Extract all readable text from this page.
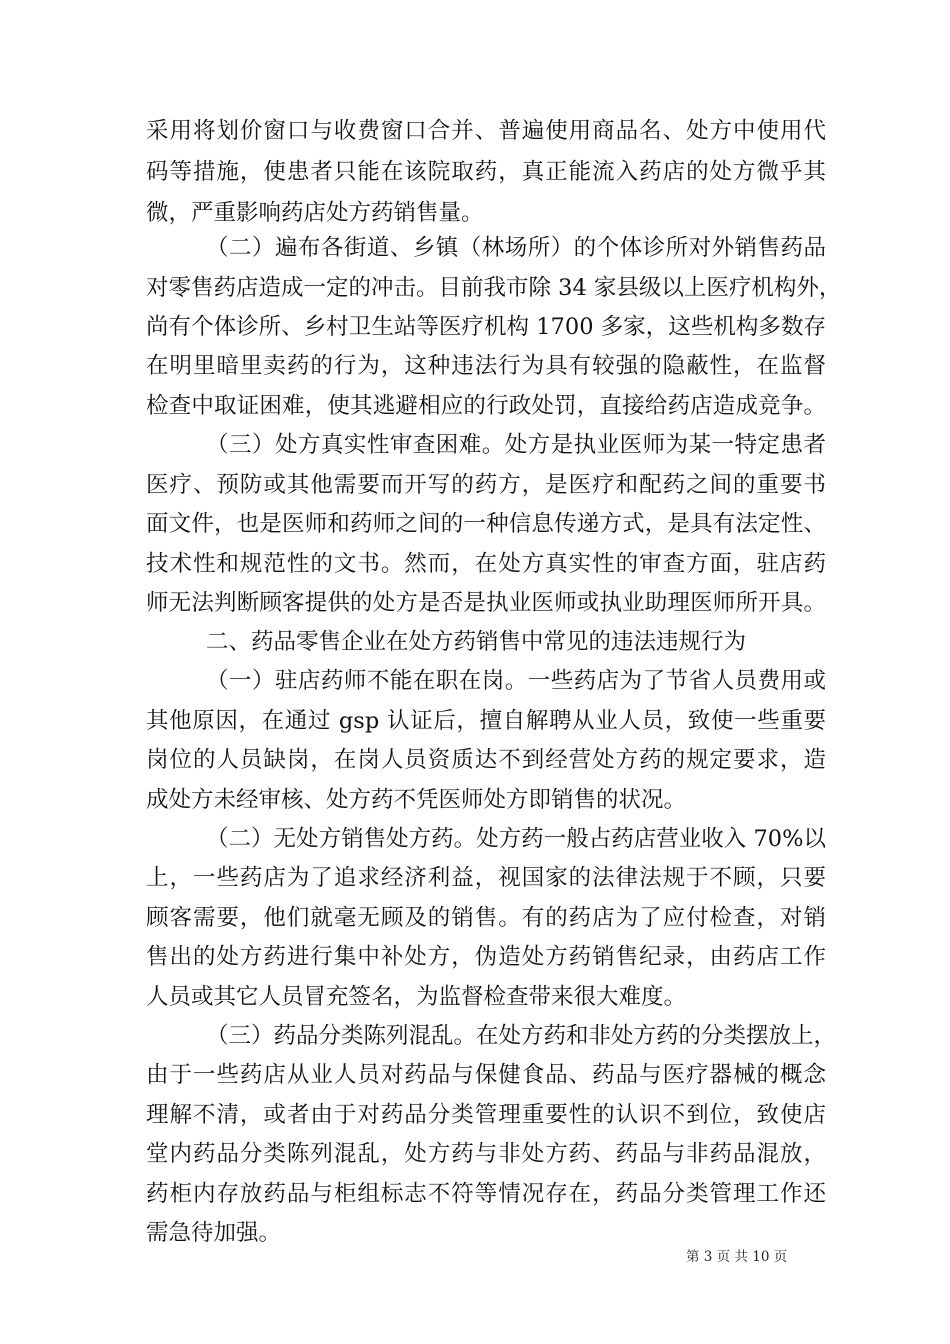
采用将划价窗口与收费窗口合并、普遍使用商品名、处方中使用代
码等措施，使患者只能在该院取药，真正能流入药店的处方微乎其
微，严重影响药店处方药销售量。
（二）遍布各街道、乡镇（林场所）的个体诊所对外销售药品
对零售药店造成一定的冲击。目前我市除 34 家县级以上医疗机构外，
尚有个体诊所、乡村卫生站等医疗机构 1700 多家，这些机构多数存
在明里暗里卖药的行为，这种违法行为具有较强的隐蔽性，在监督
检查中取证困难，使其逃避相应的行政处罚，直接给药店造成竞争。
（三）处方真实性审查困难。处方是执业医师为某一特定患者
医疗、预防或其他需要而开写的药方，是医疗和配药之间的重要书
面文件，也是医师和药师之间的一种信息传递方式，是具有法定性、
技术性和规范性的文书。然而，在处方真实性的审查方面，驻店药
师无法判断顾客提供的处方是否是执业医师或执业助理医师所开具。
二、药品零售企业在处方药销售中常见的违法违规行为
（一）驻店药师不能在职在岗。一些药店为了节省人员费用或
其他原因，在通过 gsp 认证后，擅自解聘从业人员，致使一些重要
岗位的人员缺岗，在岗人员资质达不到经营处方药的规定要求，造
成处方未经审核、处方药不凭医师处方即销售的状况。
（二）无处方销售处方药。处方药一般占药店营业收入 70%以
上，一些药店为了追求经济利益，视国家的法律法规于不顾，只要
顾客需要，他们就毫无顾及的销售。有的药店为了应付检查，对销
售出的处方药进行集中补处方，伪造处方药销售纪录，由药店工作
人员或其它人员冒充签名，为监督检查带来很大难度。
（三）药品分类陈列混乱。在处方药和非处方药的分类摆放上，
由于一些药店从业人员对药品与保健食品、药品与医疗器械的概念
理解不清，或者由于对药品分类管理重要性的认识不到位，致使店
堂内药品分类陈列混乱，处方药与非处方药、药品与非药品混放，
药柜内存放药品与柜组标志不符等情况存在，药品分类管理工作还
需急待加强。
第 3 页 共 10 页
